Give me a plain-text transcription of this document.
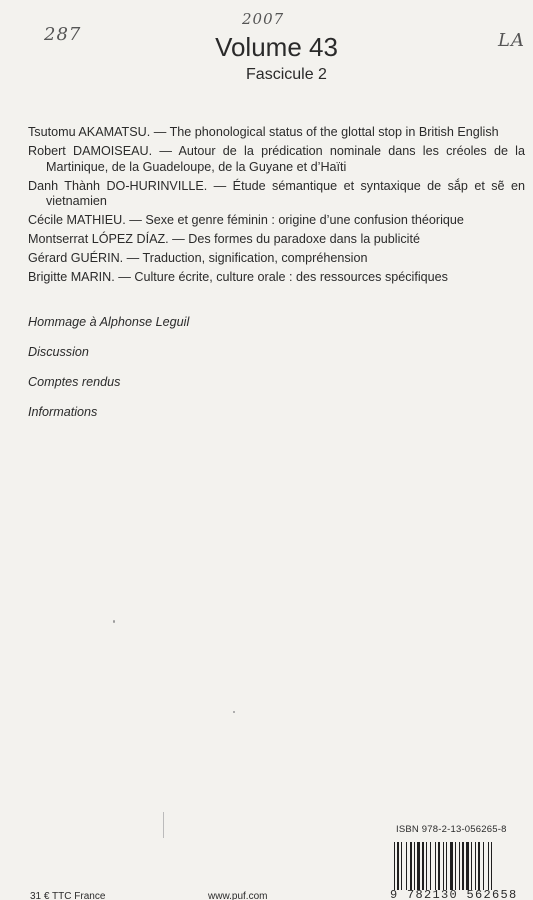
287
2007
LA
Volume 43
Fascicule 2
Tsutomu AKAMATSU. — The phonological status of the glottal stop in British English
Robert DAMOISEAU. — Autour de la prédication nominale dans les créoles de la Martinique, de la Guadeloupe, de la Guyane et d’Haïti
Danh Thành DO-HURINVILLE. — Étude sémantique et syntaxique de sắp et sẽ en vietnamien
Cécile MATHIEU. — Sexe et genre féminin : origine d’une confusion théorique
Montserrat LÓPEZ DÍAZ. — Des formes du paradoxe dans la publicité
Gérard GUÉRIN. — Traduction, signification, compréhension
Brigitte MARIN. — Culture écrite, culture orale : des ressources spécifiques
Hommage à Alphonse Leguil
Discussion
Comptes rendus
Informations
ISBN 978-2-13-056265-8
9 782130 562658
31 € TTC France	www.puf.com
